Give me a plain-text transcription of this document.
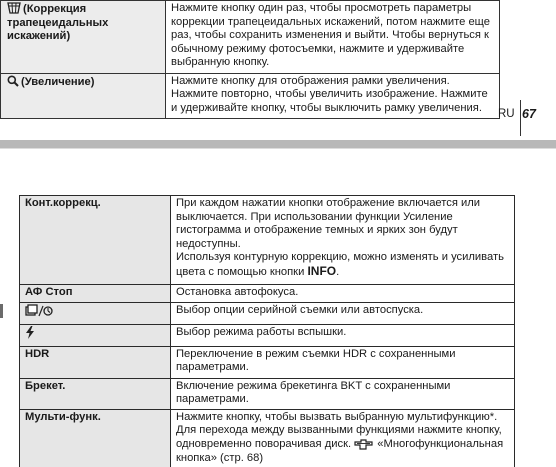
(Коррекция трапецеидальных искажений)	Нажмите кнопку один раз, чтобы просмотреть параметры коррекции трапецеидальных искажений, потом нажмите еще раз, чтобы сохранить изменения и выйти. Чтобы вернуться к обычному режиму фотосъемки, нажмите и удерживайте выбранную кнопку.
(Увеличение)	Нажмите кнопку для отображения рамки увеличения. Нажмите повторно, чтобы увеличить изображение. Нажмите и удерживайте кнопку, чтобы выключить рамку увеличения.
RU 67
Конт.коррекц.	При каждом нажатии кнопки отображение включается или выключается. При использовании функции Усиление гистограмма и отображение темных и ярких зон будут недоступны.
Используя контурную коррекцию, можно изменять и усиливать цвета с помощью кнопки INFO.
АФ Стоп	Остановка автофокуса.
	Выбор опции серийной съемки или автоспуска.
	Выбор режима работы вспышки.
HDR	Переключение в режим съемки HDR с сохраненными параметрами.
Брекет.	Включение режима брекетинга BKT с сохраненными параметрами.
Мульти-функ.	Нажмите кнопку, чтобы вызвать выбранную мультифункцию*. Для перехода между вызванными функциями нажмите кнопку, одновременно поворачивая диск. «Многофункциональная кнопка» (стр. 68)
